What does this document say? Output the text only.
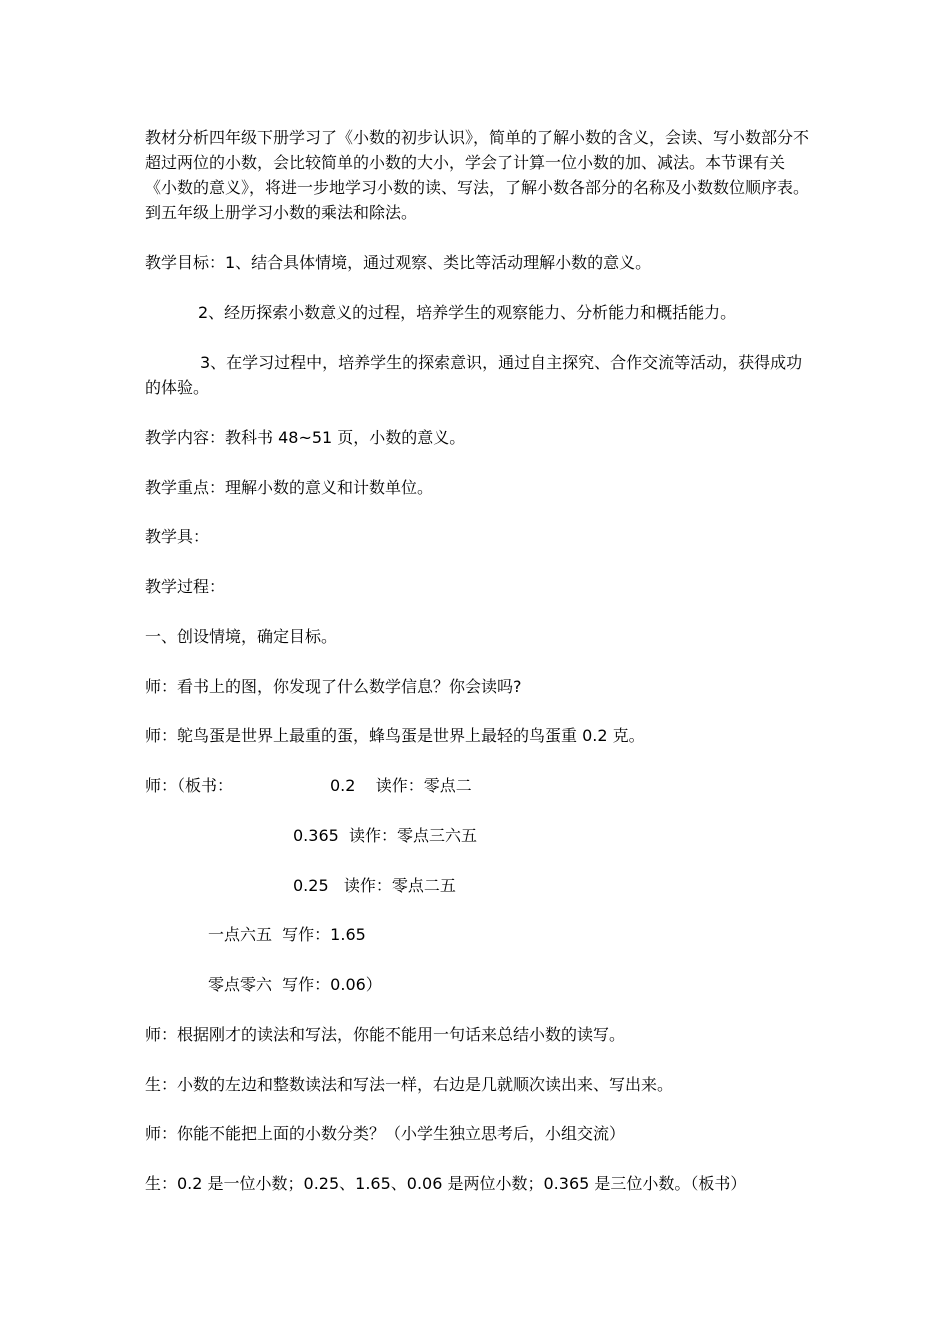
教材分析四年级下册学习了《小数的初步认识》，简单的了解小数的含义，会读、写小数部分不超过两位的小数，会比较简单的小数的大小，学会了计算一位小数的加、减法。本节课有关《小数的意义》，将进一步地学习小数的读、写法，了解小数各部分的名称及小数数位顺序表。到五年级上册学习小数的乘法和除法。

教学目标：1、结合具体情境，通过观察、类比等活动理解小数的意义。

2、经历探索小数意义的过程，培养学生的观察能力、分析能力和概括能力。

3、在学习过程中，培养学生的探索意识，通过自主探究、合作交流等活动，获得成功的体验。

教学内容：教科书 48~51 页，小数的意义。

教学重点：理解小数的意义和计数单位。

教学具：

教学过程：

一、创设情境，确定目标。

师：看书上的图，你发现了什么数学信息？你会读吗?

师：鸵鸟蛋是世界上最重的蛋，蜂鸟蛋是世界上最轻的鸟蛋重 0.2 克。

师：（板书：	0.2    读作：零点二

0.365  读作：零点三六五

0.25   读作：零点二五

一点六五  写作：1.65

零点零六  写作：0.06）

师：根据刚才的读法和写法，你能不能用一句话来总结小数的读写。

生：小数的左边和整数读法和写法一样，右边是几就顺次读出来、写出来。

师：你能不能把上面的小数分类？（小学生独立思考后，小组交流）

生：0.2 是一位小数；0.25、1.65、0.06 是两位小数；0.365 是三位小数。（板书）
